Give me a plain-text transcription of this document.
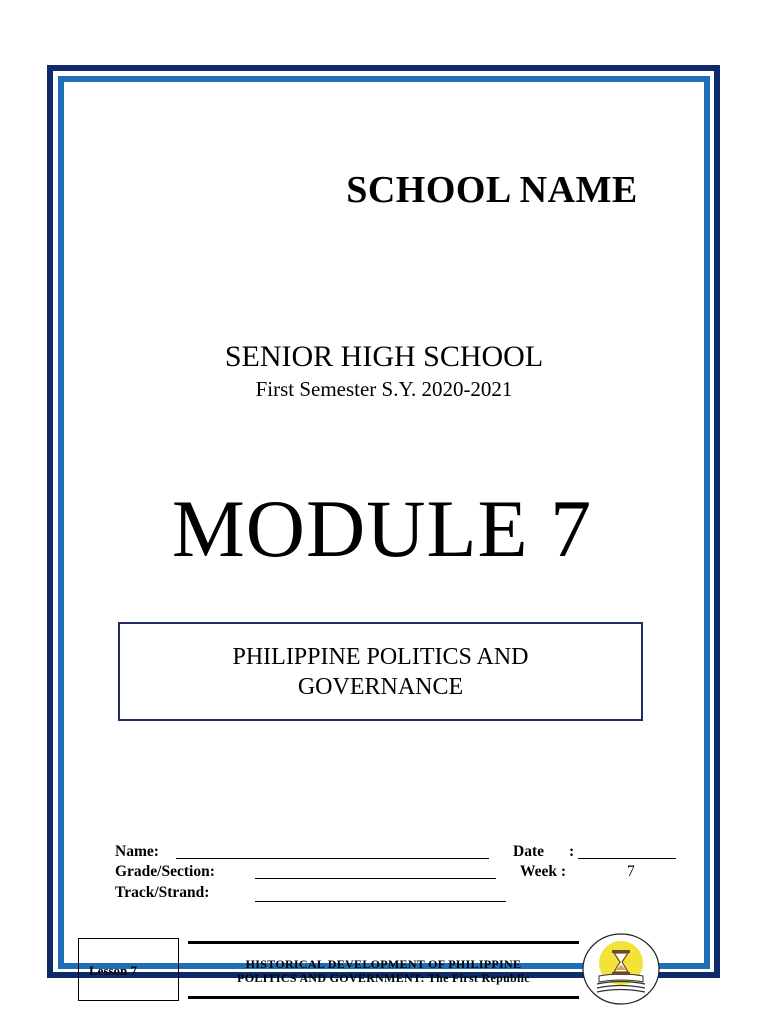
SCHOOL NAME
SENIOR HIGH SCHOOL
First Semester S.Y. 2020-2021
MODULE 7
PHILIPPINE POLITICS AND
GOVERNANCE
Name:	Date :
Grade/Section:	Week :	7
Track/Strand:
Lesson 7	HISTORICAL DEVELOPMENT OF PHILIPPINE
POLITICS AND GOVERNMENT: The First Republic
